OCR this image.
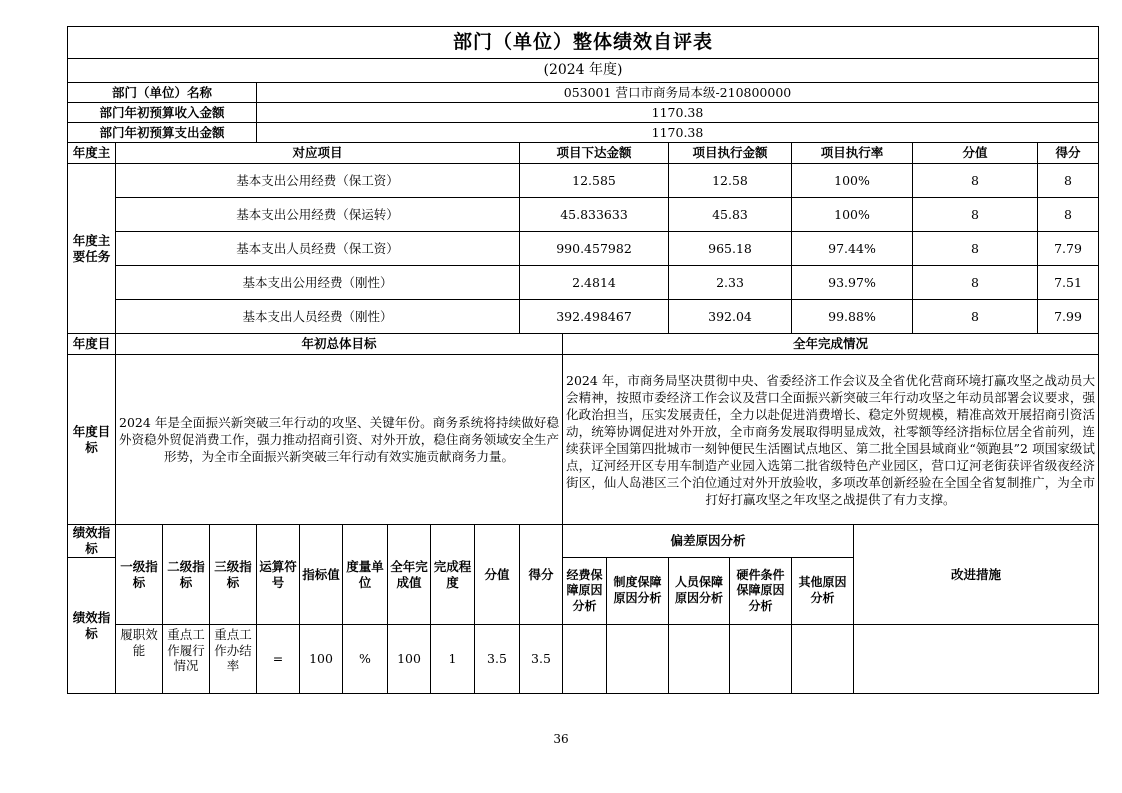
部门（单位）整体绩效自评表																		
(2024 年度)																		
部门（单位）名称				053001 营口市商务局本级-210800000														
部门年初预算收入金额				1170.38														
部门年初预算支出金额				1170.38														
年度主	对应项目									项目下达金额			项目执行金额		项目执行率		分值	得分
年度主要任务	基本支出公用经费（保工资）									12.585			12.58		100%		8	8
	基本支出公用经费（保运转）									45.833633			45.83		100%		8	8
	基本支出人员经费（保工资）									990.457982			965.18		97.44%		8	7.79
	基本支出公用经费（刚性）									2.4814			2.33		93.97%		8	7.51
	基本支出人员经费（刚性）									392.498467			392.04		99.88%		8	7.99
年度目	年初总体目标										全年完成情况							
年度目标	2024 年是全面振兴新突破三年行动的攻坚、关键年份。商务系统将持续做好稳外资稳外贸促消费工作，强力推动招商引资、对外开放，稳住商务领域安全生产形势，为全市全面振兴新突破三年行动有效实施贡献商务力量。										2024 年，市商务局坚决贯彻中央、省委经济工作会议及全省优化营商环境打赢攻坚之战动员大会精神，按照市委经济工作会议及营口全面振兴新突破三年行动攻坚之年动员部署会议要求，强化政治担当，压实发展责任，全力以赴促进消费增长、稳定外贸规模，精准高效开展招商引资活动，统筹协调促进对外开放，全市商务发展取得明显成效，社零额等经济指标位居全省前列，连续获评全国第四批城市一刻钟便民生活圈试点地区、第二批全国县域商业“领跑县”2 项国家级试点，辽河经开区专用车制造产业园入选第二批省级特色产业园区，营口辽河老街获评省级夜经济街区，仙人岛港区三个泊位通过对外开放验收，多项改革创新经验在全国全省复制推广，为全市打好打赢攻坚之年攻坚之战提供了有力支撑。							
绩效指标	一级指标	二级指标	三级指标	运算符号	指标值	度量单位	全年完成值	完成程度	分值	得分	偏差原因分析					改进措施		
绩效指标											经费保障原因分析	制度保障原因分析	人员保障原因分析	硬件条件保障原因分析	其他原因分析			

	履职效能	重点工作履行情况	重点工作办结率	=	100	%	100	1	3.5	3.5								
36
